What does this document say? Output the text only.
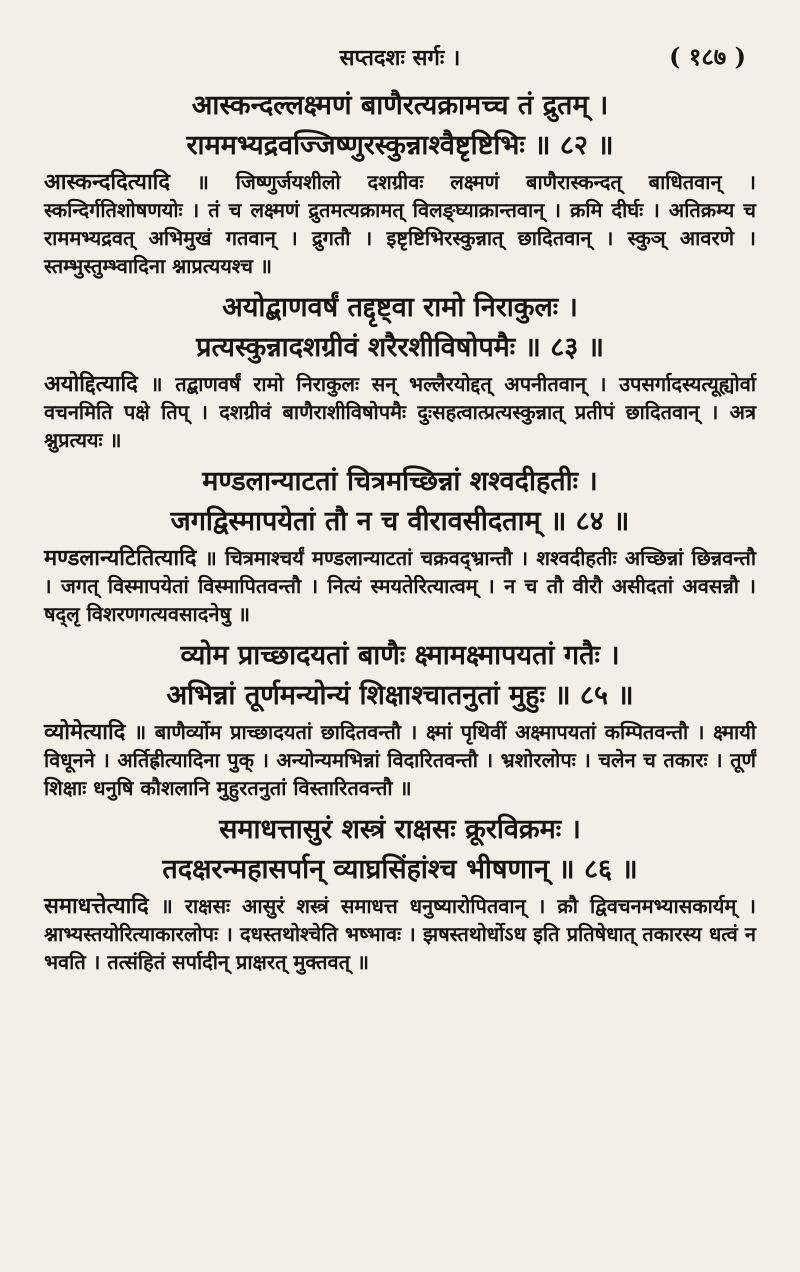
सप्तदशः सर्गः ।	( १८७ )

आस्कन्दल्लक्ष्मणं बाणैरत्यक्रामच्च तं द्रुतम् ।

राममभ्यद्रवज्जिष्णुरस्कुन्नाश्वैष्टृष्टिभिः ॥ ८२ ॥

आस्कन्ददित्यादि ॥ जिष्णुर्जयशीलो दशग्रीवः लक्ष्मणं बाणैरास्कन्दत् बाधितवान् । स्कन्दिर्गतिशोषणयोः । तं च लक्ष्मणं द्रुतमत्यक्रामत् विलङ्घ्याक्रान्तवान् । क्रमि दीर्घः । अतिक्रम्य च राममभ्यद्रवत् अभिमुखं गतवान् । द्रुगतौ । इष्टृष्टिभिरस्कुन्नात् छादितवान् । स्कुञ् आवरणे । स्तम्भुस्तुम्भ्वादिना श्नाप्रत्ययश्च ॥

अयोद्बाणवर्षं तद्दृष्ट्वा रामो निराकुलः ।

प्रत्यस्कुन्नादशग्रीवं शरैरशीविषोपमैः ॥ ८३ ॥

अयोद्दित्यादि ॥ तद्बाणवर्षं रामो निराकुलः सन् भल्लैरयोद्दत् अपनीतवान् । उपसर्गादस्यत्यूह्योर्वा वचनमिति पक्षे तिप् । दशग्रीवं बाणैराशीविषोपमैः दुःसहत्वात्प्रत्यस्कुन्नात् प्रतीपं छादितवान् । अत्र श्नुप्रत्ययः ॥

मण्डलान्याटतां चित्रमच्छिन्नां शश्वदीहतीः ।

जगद्विस्मापयेतां तौ न च वीरावसीदताम् ॥ ८४ ॥

मण्डलान्यटितित्यादि ॥ चित्रमाश्चर्यं मण्डलान्याटतां चक्रवद्भ्रान्तौ । शश्वदीहतीः अच्छिन्नां छिन्नवन्तौ । जगत् विस्मापयेतां विस्मापितवन्तौ । नित्यं स्मयतेरित्यात्वम् । न च तौ वीरौ असीदतां अवसन्नौ । षद्लृ विशरणगत्यवसादनेषु ॥

व्योम प्राच्छादयतां बाणैः क्ष्मामक्ष्मापयतां गतैः ।

अभिन्नां तूर्णमन्योन्यं शिक्षाश्चातनुतां मुहुः ॥ ८५ ॥

व्योमेत्यादि ॥ बाणैर्व्योम प्राच्छादयतां छादितवन्तौ । क्ष्मां पृथिवीं अक्ष्मापयतां कम्पितवन्तौ । क्ष्मायी विधूनने । अर्तिह्रीत्यादिना पुक् । अन्योन्यमभिन्नां विदारितवन्तौ । भ्रशोरलोपः । चलेन च तकारः । तूर्णं शिक्षाः धनुषि कौशलानि मुहुरतनुतां विस्तारितवन्तौ ॥

समाधत्तासुरं शस्त्रं राक्षसः क्रूरविक्रमः ।

तदक्षरन्महासर्पान् व्याघ्रसिंहांश्च भीषणान् ॥ ८६ ॥

समाधत्तेत्यादि ॥ राक्षसः आसुरं शस्त्रं समाधत्त धनुष्यारोपितवान् । क्रौ द्विवचनमभ्यासकार्यम् । श्नाभ्यस्तयोरित्याकारलोपः । दधस्तथोश्चेति भष्भावः । झषस्तथोर्धोऽध इति प्रतिषेधात् तकारस्य धत्वं न भवति । तत्संहितं सर्पादीन् प्राक्षरत् मुक्तवत् ॥
